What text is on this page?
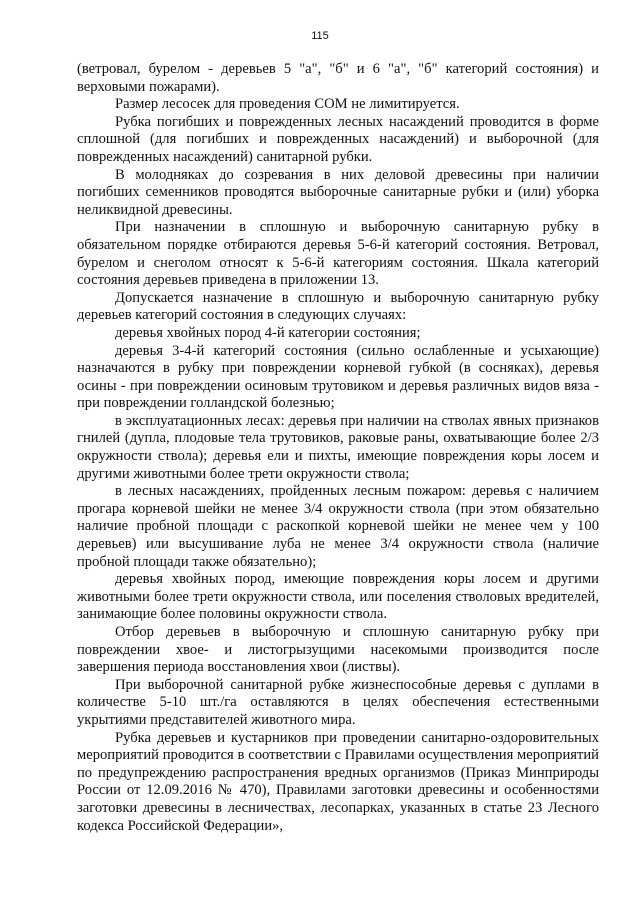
115

(ветровал, бурелом - деревьев 5 "а", "б" и 6 "а", "б" категорий состояния) и верховыми пожарами).

Размер лесосек для проведения СОМ не лимитируется.

Рубка погибших и поврежденных лесных насаждений проводится в форме сплошной (для погибших и поврежденных насаждений) и выборочной (для поврежденных насаждений) санитарной рубки.

В молодняках до созревания в них деловой древесины при наличии погибших семенников проводятся выборочные санитарные рубки и (или) уборка неликвидной древесины.

При назначении в сплошную и выборочную санитарную рубку в обязательном порядке отбираются деревья 5-6-й категорий состояния. Ветровал, бурелом и снеголом относят к 5-6-й категориям состояния. Шкала категорий состояния деревьев приведена в приложении 13.

Допускается назначение в сплошную и выборочную санитарную рубку деревьев категорий состояния в следующих случаях:

деревья хвойных пород 4-й категории состояния;

деревья 3-4-й категорий состояния (сильно ослабленные и усыхающие) назначаются в рубку при повреждении корневой губкой (в сосняках), деревья осины - при повреждении осиновым трутовиком и деревья различных видов вяза - при повреждении голландской болезнью;

в эксплуатационных лесах: деревья при наличии на стволах явных признаков гнилей (дупла, плодовые тела трутовиков, раковые раны, охватывающие более 2/3 окружности ствола); деревья ели и пихты, имеющие повреждения коры лосем и другими животными более трети окружности ствола;

в лесных насаждениях, пройденных лесным пожаром: деревья с наличием прогара корневой шейки не менее 3/4 окружности ствола (при этом обязательно наличие пробной площади с раскопкой корневой шейки не менее чем у 100 деревьев) или высушивание луба не менее 3/4 окружности ствола (наличие пробной площади также обязательно);

деревья хвойных пород, имеющие повреждения коры лосем и другими животными более трети окружности ствола, или поселения стволовых вредителей, занимающие более половины окружности ствола.

Отбор деревьев в выборочную и сплошную санитарную рубку при повреждении хвое- и листогрызущими насекомыми производится после завершения периода восстановления хвои (листвы).

При выборочной санитарной рубке жизнеспособные деревья с дуплами в количестве 5-10 шт./га оставляются в целях обеспечения естественными укрытиями представителей животного мира.

Рубка деревьев и кустарников при проведении санитарно-оздоровительных мероприятий проводится в соответствии с Правилами осуществления мероприятий по предупреждению распространения вредных организмов (Приказ Минприроды России от 12.09.2016 № 470), Правилами заготовки древесины и особенностями заготовки древесины в лесничествах, лесопарках, указанных в статье 23 Лесного кодекса Российской Федерации»,
